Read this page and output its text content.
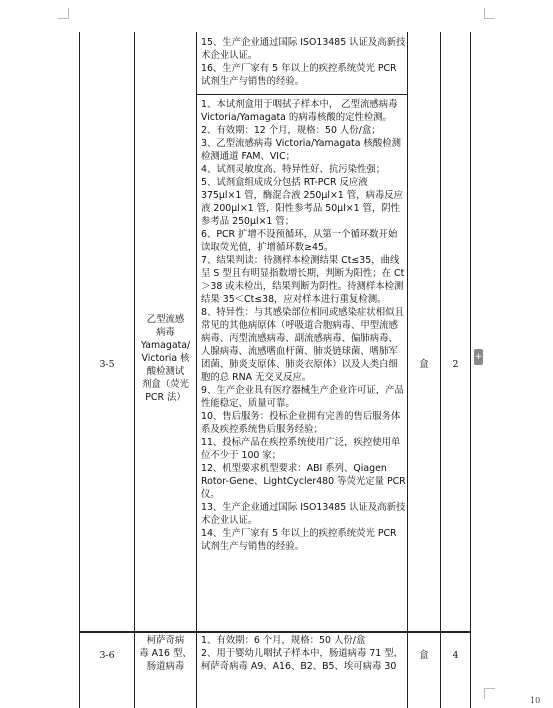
15、生产企业通过国际 ISO13485 认证及高新技术企业认证。

16、生产厂家有 5 年以上的疾控系统荧光 PCR 试剂生产与销售的经验。

3-5
乙型流感
病毒
Yamagata/
Victoria 核
酸检测试
剂盒（荧光
PCR 法）

1、本试剂盒用于咽拭子样本中， 乙型流感病毒 Victoria/Yamagata 的病毒核酸的定性检测。

2、有效期：12 个月，规格：50 人份/盒；

3、乙型流感病毒 Victoria/Yamagata 核酸检测检测通道 FAM、VIC；

4、试剂灵敏度高、特异性好、抗污染性强；

5、试剂盒组成成分包括 RT-PCR 反应液 375μl×1 管，酶混合液 250μl×1 管，病毒反应液 200μl×1 管，阳性参考品 50μl×1 管，阴性参考品 250μl×1 管；

6、PCR 扩增不设预循环，从第一个循环数开始读取荧光值，扩增循环数≥45。

7、结果判读：待测样本检测结果 Ct≤35，曲线呈 S 型且有明显指数增长期，判断为阳性；在 Ct＞38 或未检出，结果判断为阴性。待测样本检测结果 35＜Ct≤38，应对样本进行重复检测。

8、特异性：与其感染部位相同或感染症状相似且常见的其他病原体（呼吸道合胞病毒、甲型流感病毒、丙型流感病毒、副流感病毒、偏肺病毒、人腺病毒、流感嗜血杆菌、肺炎链球菌、嗜肺军团菌、肺炎支原体、肺炎衣原体）以及人类白细胞的总 RNA 无交叉反应。

9、生产企业具有医疗器械生产企业许可证，产品性能稳定、质量可靠。

10、售后服务：投标企业拥有完善的售后服务体系及疾控系统售后服务经验；

11、投标产品在疾控系统使用广泛，疾控使用单位不少于 100 家；

12、机型要求机型要求：ABI 系列、Qiagen Rotor-Gene、LightCycler480 等荧光定量 PCR 仪。

13、生产企业通过国际 ISO13485 认证及高新技术企业认证。

14、生产厂家有 5 年以上的疾控系统荧光 PCR 试剂生产与销售的经验。

盒	2
3-6
柯萨奇病
毒 A16 型、
肠道病毒

1、有效期：6 个月，规格：50 人份/盒

2、用于婴幼儿咽拭子样本中，肠道病毒 71 型，柯萨奇病毒 A9、A16、B2、B5、埃可病毒 30

盒	4
+
10
